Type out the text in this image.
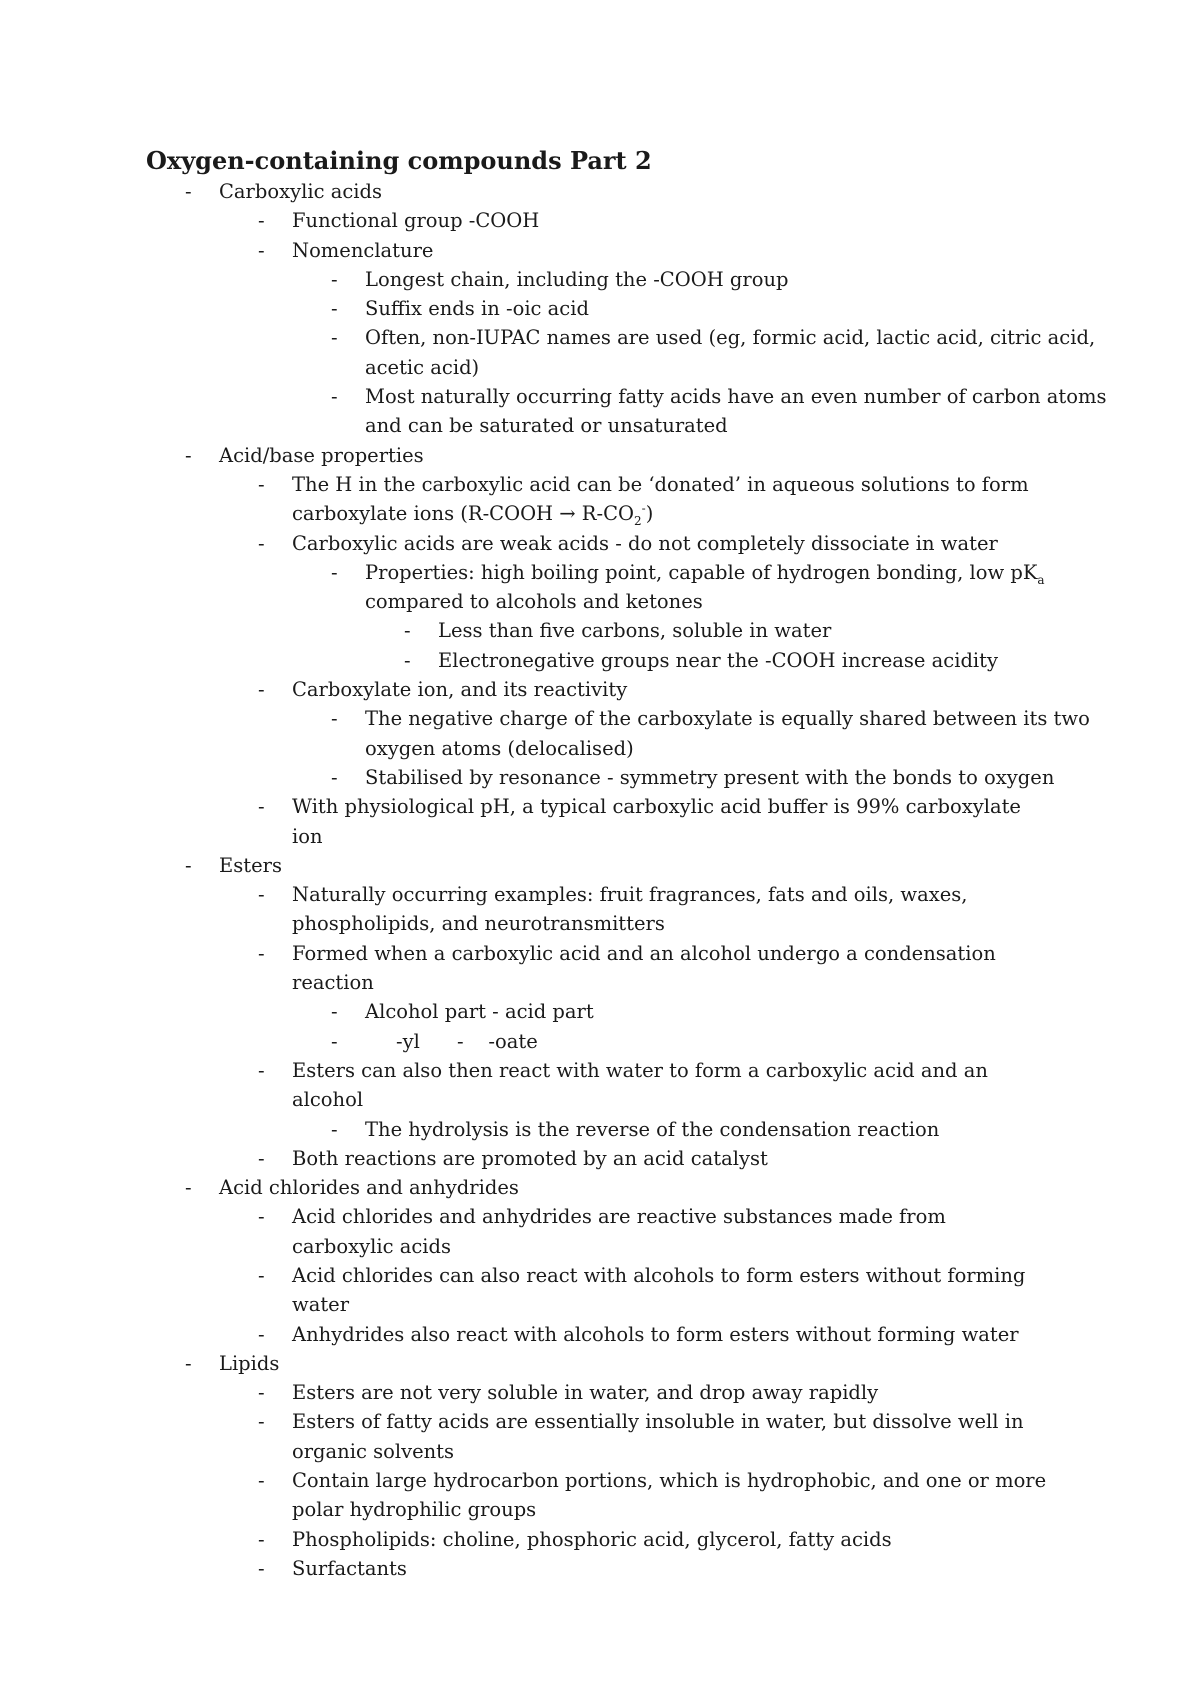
Oxygen-containing compounds Part 2
-	Carboxylic acids
-	Functional group -COOH
-	Nomenclature
-	Longest chain, including the -COOH group
-	Suffix ends in -oic acid
-	Often, non-IUPAC names are used (eg, formic acid, lactic acid, citric acid, acetic acid)
-	Most naturally occurring fatty acids have an even number of carbon atoms and can be saturated or unsaturated
-	Acid/base properties
-	The H in the carboxylic acid can be ‘donated’ in aqueous solutions to form carboxylate ions (R-COOH → $R-CO_2^-$)
-	Carboxylic acids are weak acids - do not completely dissociate in water
-	Properties: high boiling point, capable of hydrogen bonding, low $pK_a$ compared to alcohols and ketones
-	Less than five carbons, soluble in water
-	Electronegative groups near the -COOH increase acidity
-	Carboxylate ion, and its reactivity
-	The negative charge of the carboxylate is equally shared between its two oxygen atoms (delocalised)
-	Stabilised by resonance - symmetry present with the bonds to oxygen
-	With physiological pH, a typical carboxylic acid buffer is 99% carboxylate ion
-	Esters
-	Naturally occurring examples: fruit fragrances, fats and oils, waxes, phospholipids, and neurotransmitters
-	Formed when a carboxylic acid and an alcohol undergo a condensation reaction
-	Alcohol part - acid part
-	-yl      -    -oate
-	Esters can also then react with water to form a carboxylic acid and an alcohol
-	The hydrolysis is the reverse of the condensation reaction
-	Both reactions are promoted by an acid catalyst
-	Acid chlorides and anhydrides
-	Acid chlorides and anhydrides are reactive substances made from carboxylic acids
-	Acid chlorides can also react with alcohols to form esters without forming water
-	Anhydrides also react with alcohols to form esters without forming water
-	Lipids
-	Esters are not very soluble in water, and drop away rapidly
-	Esters of fatty acids are essentially insoluble in water, but dissolve well in organic solvents
-	Contain large hydrocarbon portions, which is hydrophobic, and one or more polar hydrophilic groups
-	Phospholipids: choline, phosphoric acid, glycerol, fatty acids
-	Surfactants
